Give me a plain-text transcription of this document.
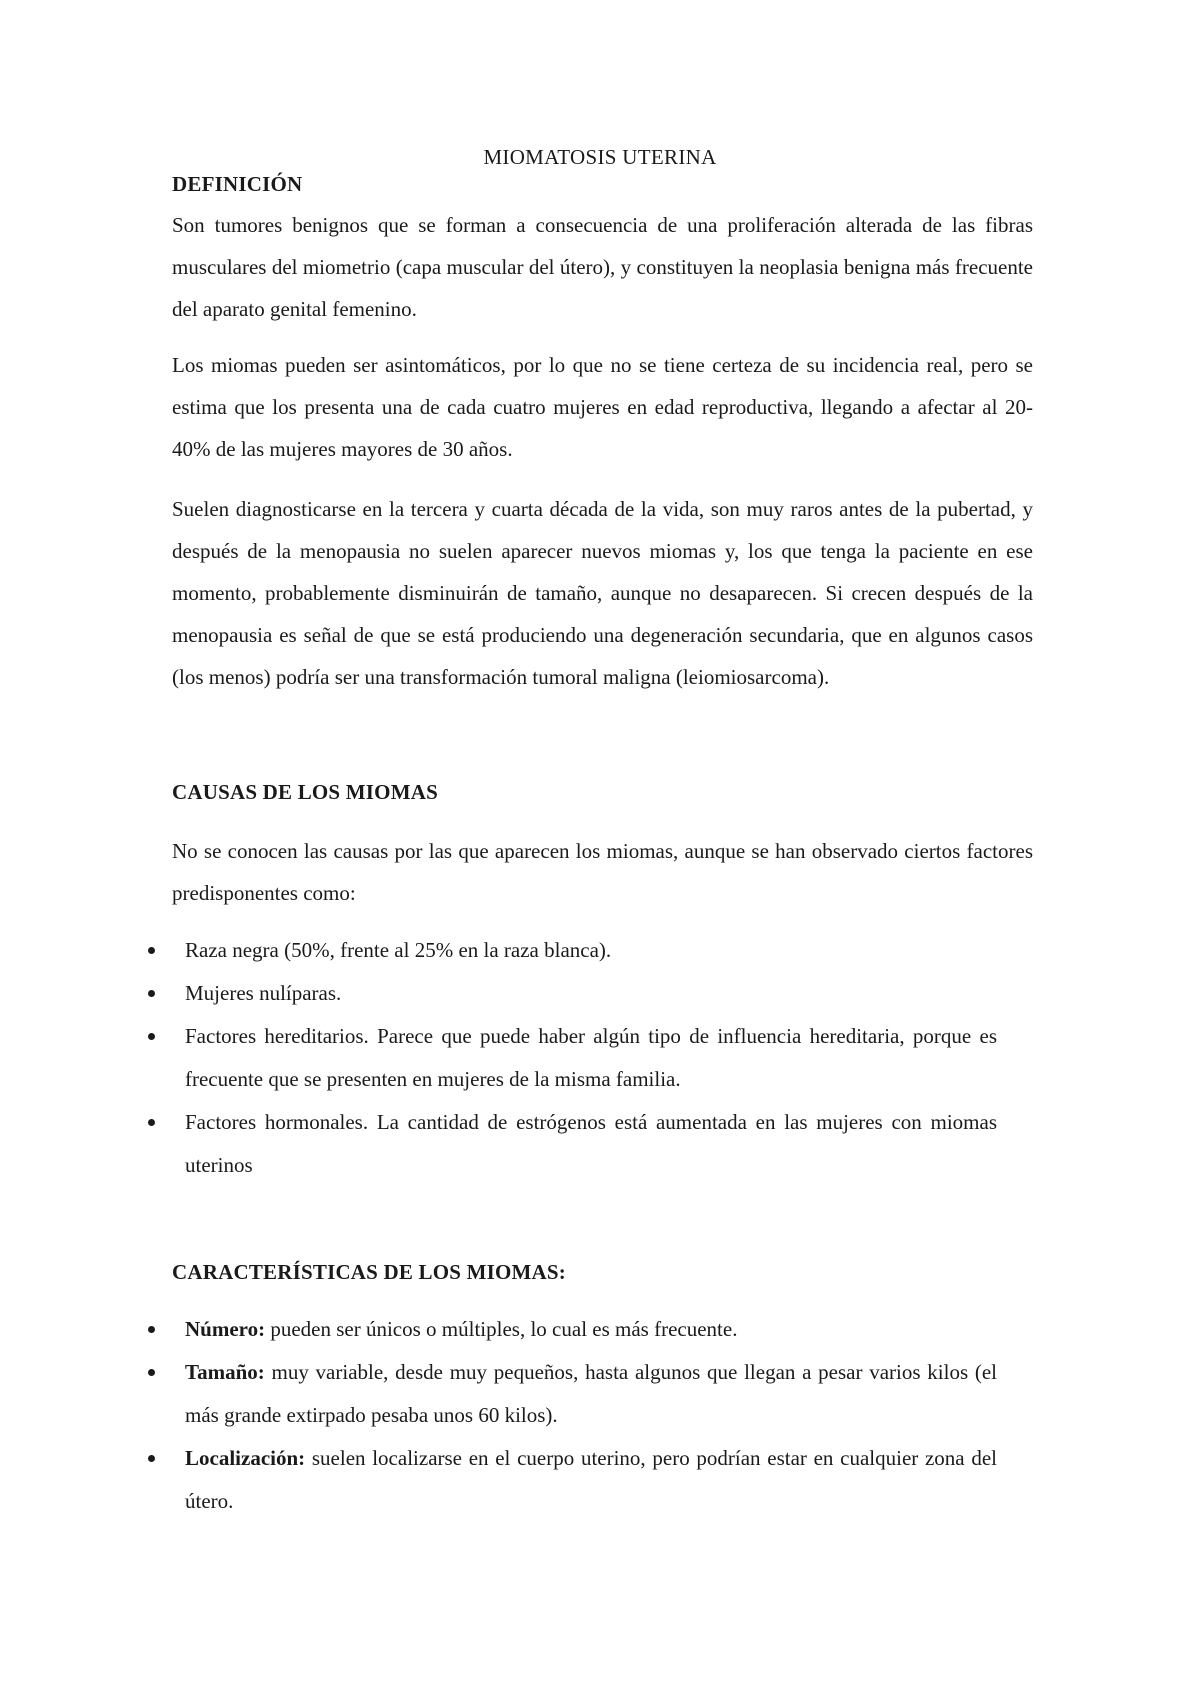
MIOMATOSIS UTERINA
DEFINICIÓN

Son tumores benignos que se forman a consecuencia de una proliferación alterada de las fibras musculares del miometrio (capa muscular del útero), y constituyen la neoplasia benigna más frecuente del aparato genital femenino.

Los miomas pueden ser asintomáticos, por lo que no se tiene certeza de su incidencia real, pero se estima que los presenta una de cada cuatro mujeres en edad reproductiva, llegando a afectar al 20-40% de las mujeres mayores de 30 años.

Suelen diagnosticarse en la tercera y cuarta década de la vida, son muy raros antes de la pubertad, y después de la menopausia no suelen aparecer nuevos miomas y, los que tenga la paciente en ese momento, probablemente disminuirán de tamaño, aunque no desaparecen. Si crecen después de la menopausia es señal de que se está produciendo una degeneración secundaria, que en algunos casos (los menos) podría ser una transformación tumoral maligna (leiomiosarcoma).

CAUSAS DE LOS MIOMAS

No se conocen las causas por las que aparecen los miomas, aunque se han observado ciertos factores predisponentes como:

Raza negra (50%, frente al 25% en la raza blanca).
Mujeres nulíparas.
Factores hereditarios. Parece que puede haber algún tipo de influencia hereditaria, porque es frecuente que se presenten en mujeres de la misma familia.
Factores hormonales. La cantidad de estrógenos está aumentada en las mujeres con miomas uterinos
CARACTERÍSTICAS DE LOS MIOMAS:
Número: pueden ser únicos o múltiples, lo cual es más frecuente.
Tamaño: muy variable, desde muy pequeños, hasta algunos que llegan a pesar varios kilos (el más grande extirpado pesaba unos 60 kilos).
Localización: suelen localizarse en el cuerpo uterino, pero podrían estar en cualquier zona del útero.
